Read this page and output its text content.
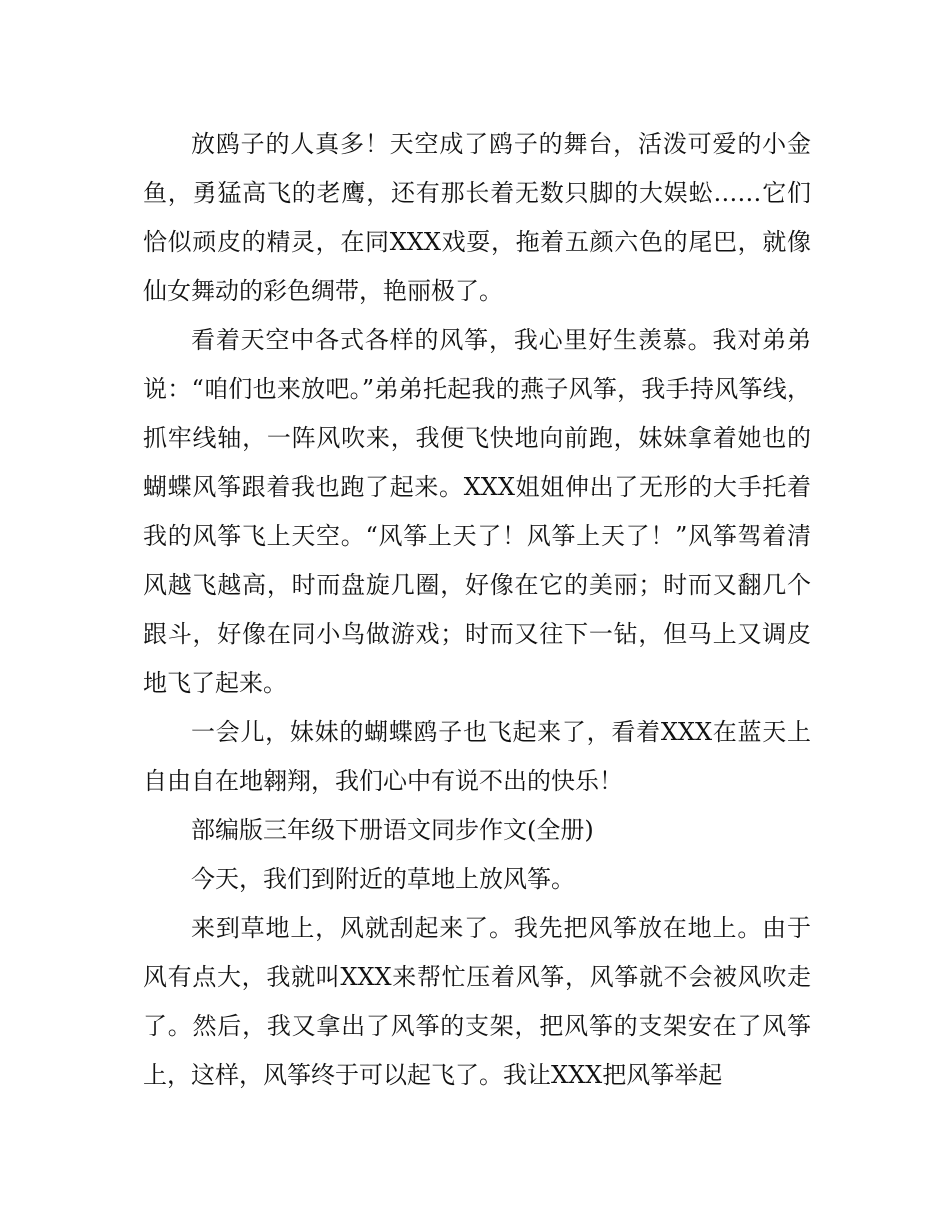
放鸥子的人真多！天空成了鸥子的舞台，活泼可爱的小金鱼，勇猛高飞的老鹰，还有那长着无数只脚的大娱蚣……它们恰似顽皮的精灵，在同XXX戏耍，拖着五颜六色的尾巴，就像仙女舞动的彩色绸带，艳丽极了。

看着天空中各式各样的风筝，我心里好生羡慕。我对弟弟说：“咱们也来放吧。”弟弟托起我的燕子风筝，我手持风筝线，抓牢线轴，一阵风吹来，我便飞快地向前跑，妹妹拿着她也的蝴蝶风筝跟着我也跑了起来。XXX姐姐伸出了无形的大手托着我的风筝飞上天空。“风筝上天了！风筝上天了！”风筝驾着清风越飞越高，时而盘旋几圈，好像在它的美丽；时而又翻几个跟斗，好像在同小鸟做游戏；时而又往下一钻，但马上又调皮地飞了起来。

一会儿，妹妹的蝴蝶鸥子也飞起来了，看着XXX在蓝天上自由自在地翱翔，我们心中有说不出的快乐！

部编版三年级下册语文同步作文(全册)

今天，我们到附近的草地上放风筝。

来到草地上，风就刮起来了。我先把风筝放在地上。由于风有点大，我就叫XXX来帮忙压着风筝，风筝就不会被风吹走了。然后，我又拿出了风筝的支架，把风筝的支架安在了风筝上，这样，风筝终于可以起飞了。我让XXX把风筝举起
